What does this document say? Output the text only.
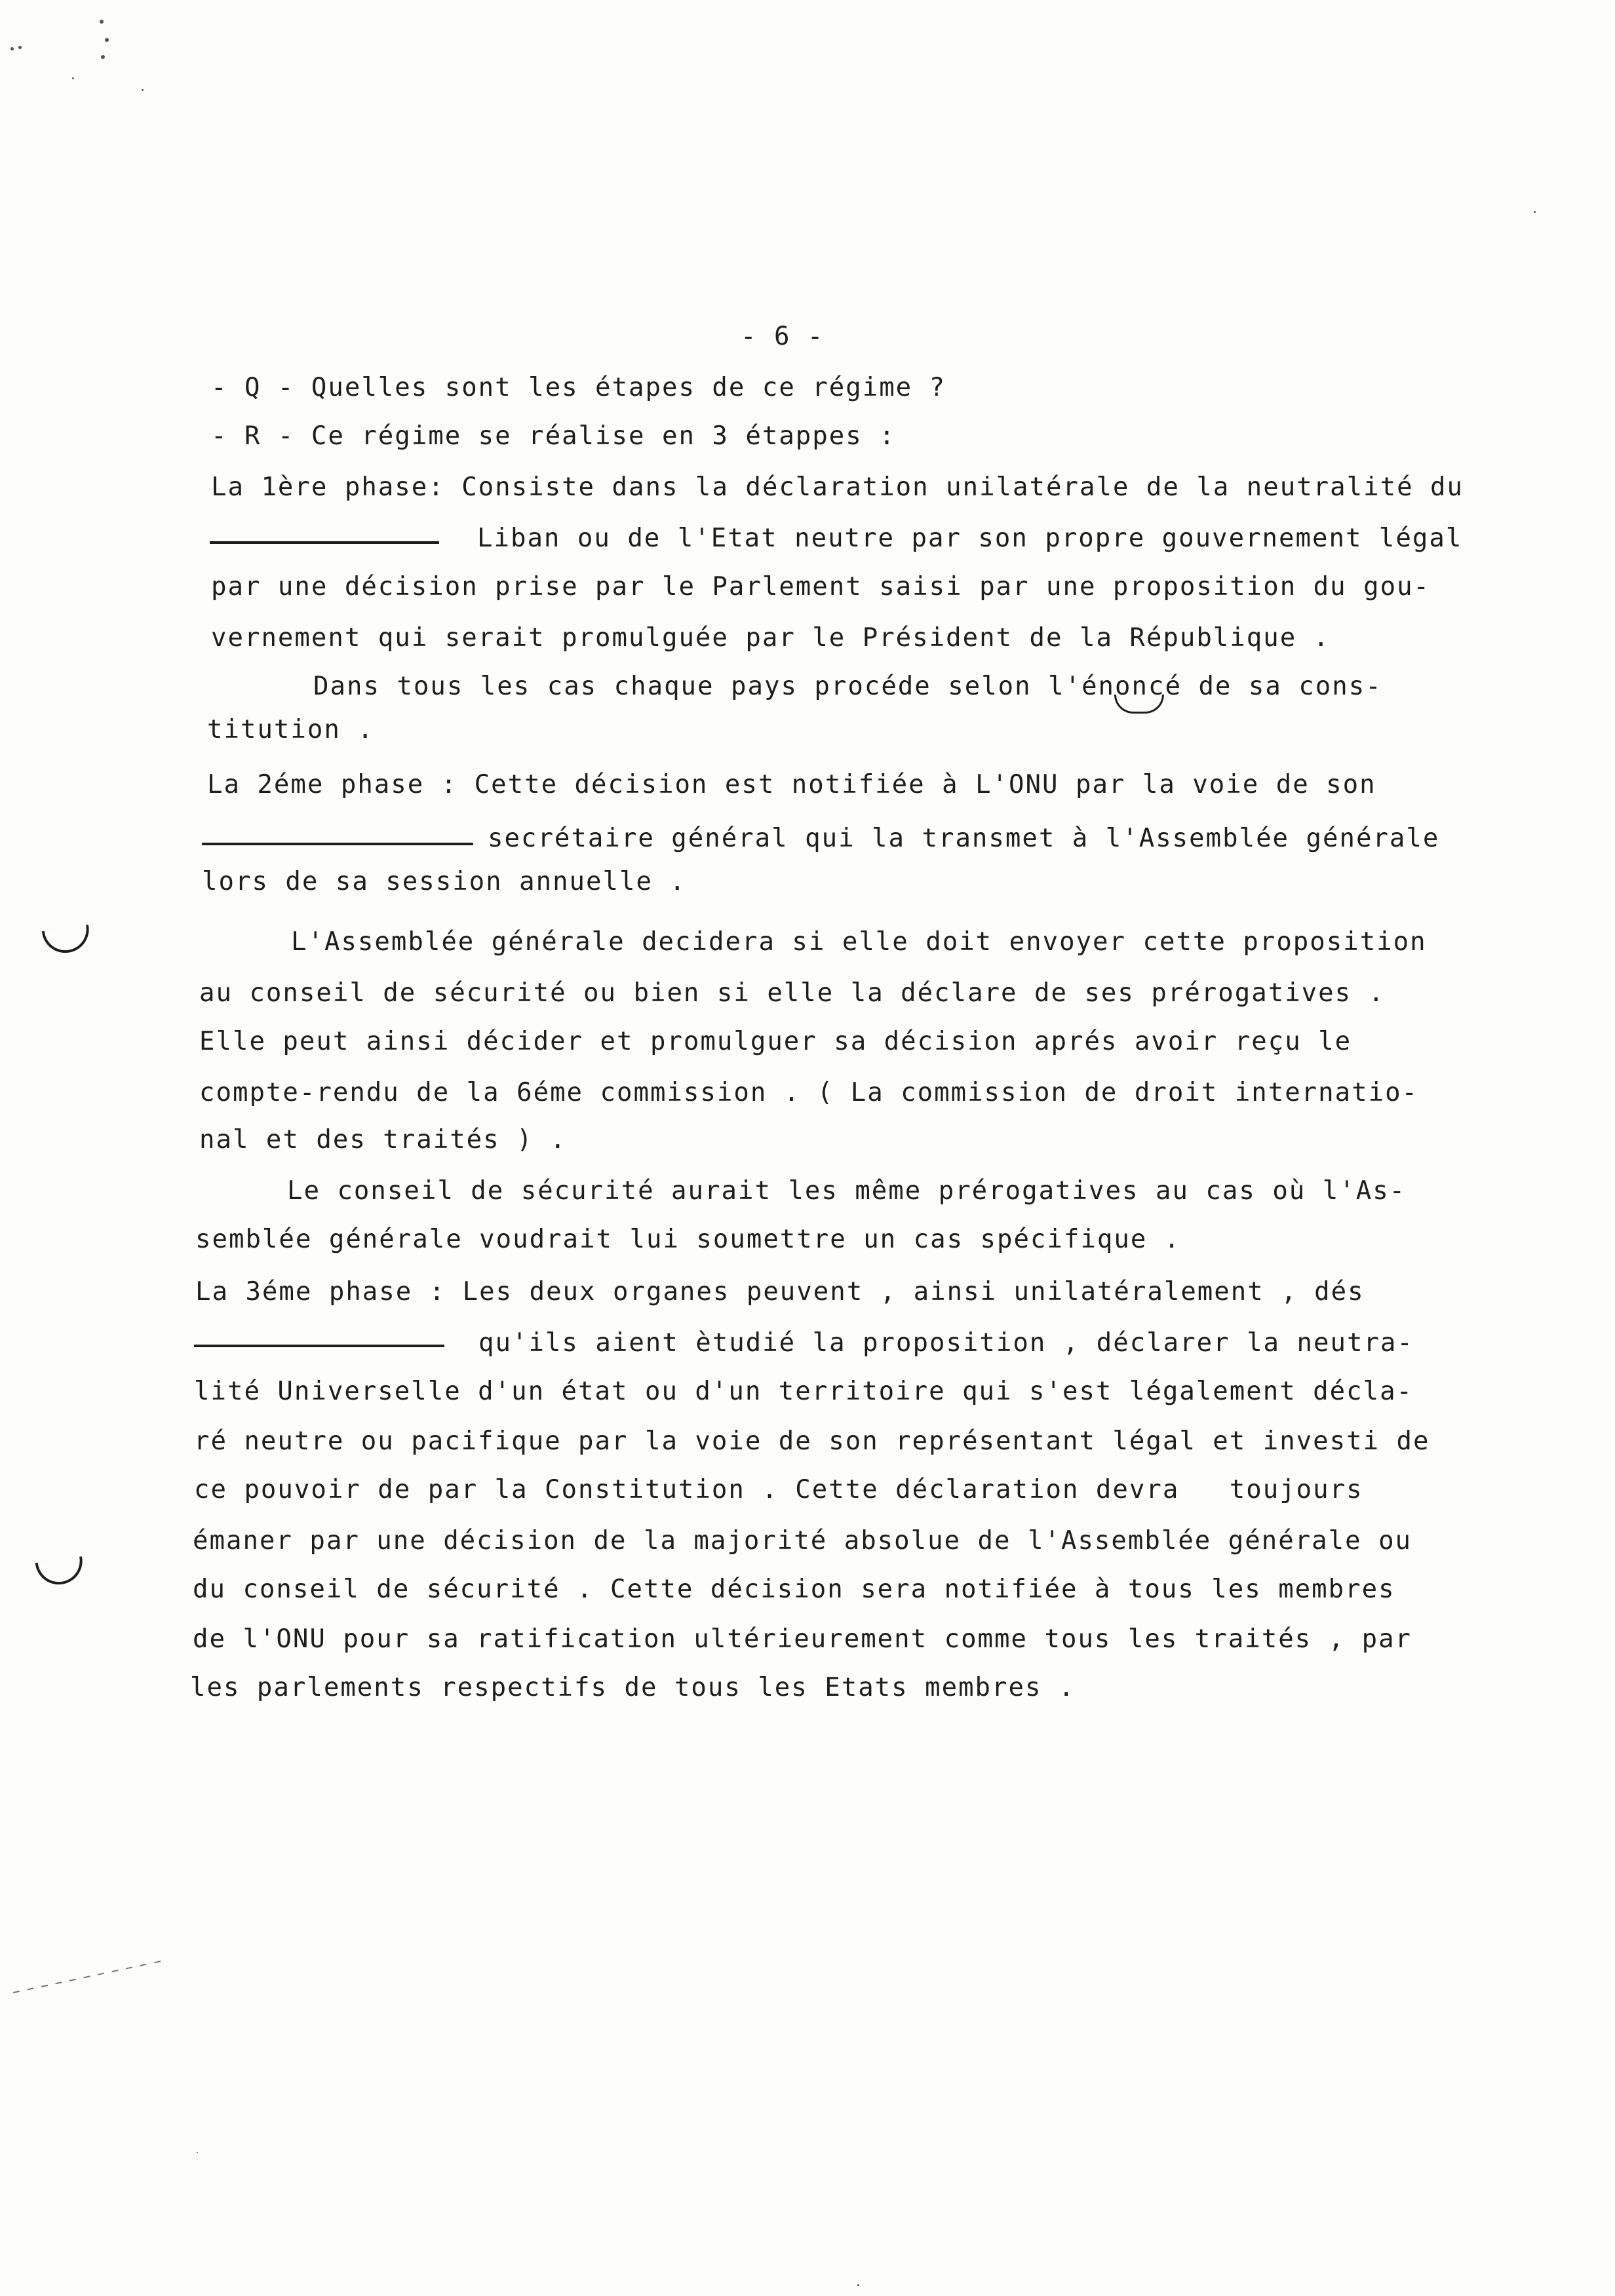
- 6 -
- Q - Quelles sont les étapes de ce régime ?
- R - Ce régime se réalise en 3 étappes :
La 1ère phase: Consiste dans la déclaration unilatérale de la neutralité du
Liban ou de l'Etat neutre par son propre gouvernement légal
par une décision prise par le Parlement saisi par une proposition du gou-
vernement qui serait promulguée par le Président de la République .
Dans tous les cas chaque pays procéde selon l'énoncé de sa cons-
titution .
La 2éme phase : Cette décision est notifiée à L'ONU par la voie de son
secrétaire général qui la transmet à l'Assemblée générale
lors de sa session annuelle .
L'Assemblée générale decidera si elle doit envoyer cette proposition
au conseil de sécurité ou bien si elle la déclare de ses prérogatives .
Elle peut ainsi décider et promulguer sa décision aprés avoir reçu le
compte-rendu de la 6éme commission . ( La commission de droit internatio-
nal et des traités ) .
Le conseil de sécurité aurait les même prérogatives au cas où l'As-
semblée générale voudrait lui soumettre un cas spécifique .
La 3éme phase : Les deux organes peuvent , ainsi unilatéralement , dés
qu'ils aient ètudié la proposition , déclarer la neutra-
lité Universelle d'un état ou d'un territoire qui s'est légalement décla-
ré neutre ou pacifique par la voie de son représentant légal et investi de
ce pouvoir de par la Constitution . Cette déclaration devra   toujours
émaner par une décision de la majorité absolue de l'Assemblée générale ou
du conseil de sécurité . Cette décision sera notifiée à tous les membres
de l'ONU pour sa ratification ultérieurement comme tous les traités , par
les parlements respectifs de tous les Etats membres .
